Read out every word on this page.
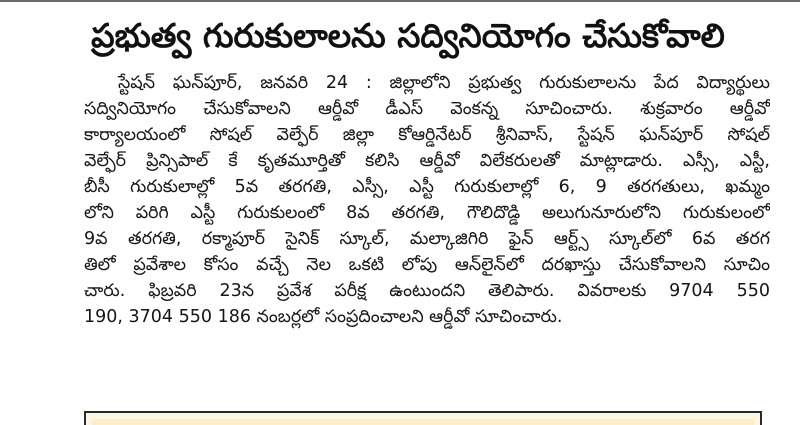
ప్రభుత్వ గురుకులాలను సద్వినియోగం చేసుకోవాలి
స్టేషన్ ఘన్‌పూర్, జనవరి 24 : జిల్లాలోని ప్రభుత్వ గురుకులాలను పేద విద్యార్థులు
సద్వినియోగం చేసుకోవాలని ఆర్డీవో డీఎస్ వెంకన్న సూచించారు. శుక్రవారం ఆర్డీవో
కార్యాలయంలో సోషల్ వెల్ఫేర్ జిల్లా కోఆర్డినేటర్ శ్రీనివాస్, స్టేషన్ ఘన్‌పూర్ సోషల్
వెల్ఫేర్ ప్రిన్సిపాల్ కే కృతమూర్తితో కలిసి ఆర్డీవో విలేకరులతో మాట్లాడారు. ఎస్సీ, ఎస్టీ,
బీసీ గురుకులాల్లో 5వ తరగతి, ఎస్సీ, ఎస్టీ గురుకులాల్లో 6, 9 తరగతులు, ఖమ్మం
లోని పరిగి ఎస్టీ గురుకులంలో 8వ తరగతి, గౌలిదొడ్డి అలుగునూరులోని గురుకులంలో
9వ తరగతి, రక్మాపూర్ సైనిక్ స్కూల్, మల్కాజిగిరి ఫైన్ ఆర్ట్స్ స్కూల్‌లో 6వ తరగ
తిలో ప్రవేశాల కోసం వచ్చే నెల ఒకటి లోపు ఆన్‌లైన్‌లో దరఖాస్తు చేసుకోవాలని సూచిం
చారు. ఫిబ్రవరి 23న ప్రవేశ పరీక్ష ఉంటుందని తెలిపారు. వివరాలకు 9704 550
190, 3704 550 186 నంబర్లలో సంప్రదించాలని ఆర్డీవో సూచించారు.
